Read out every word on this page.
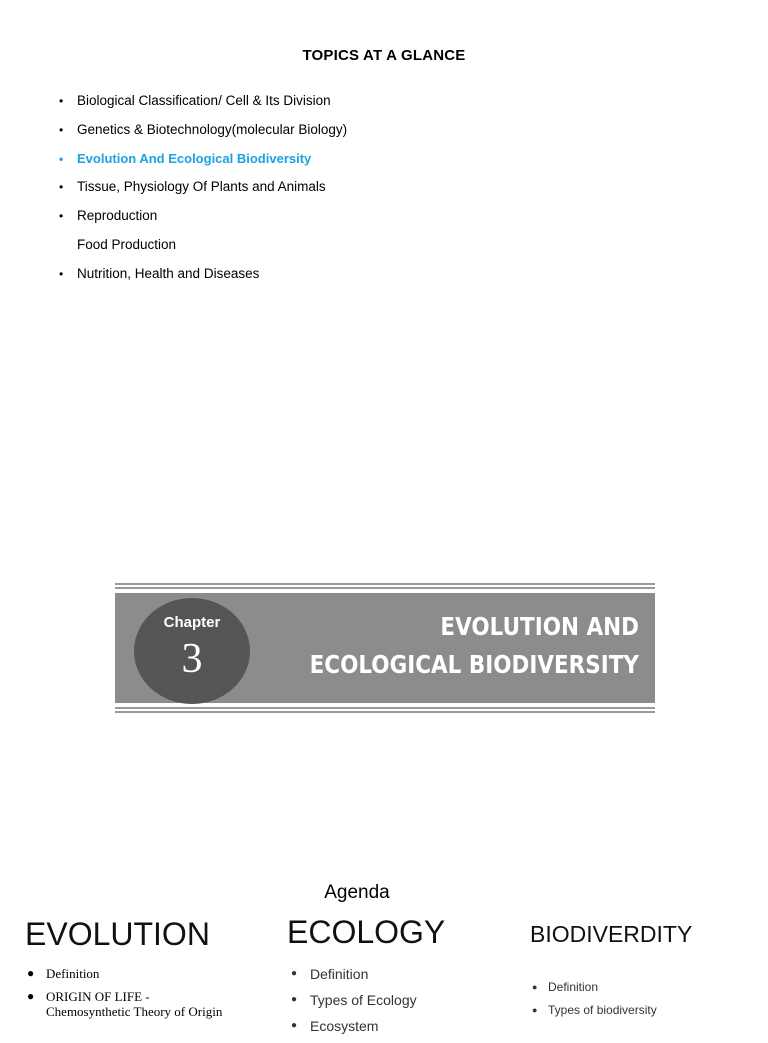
TOPICS AT A GLANCE
• Biological Classification/ Cell & Its Division
• Genetics & Biotechnology(molecular Biology)
• Evolution And Ecological Biodiversity
• Tissue, Physiology Of Plants and Animals
• Reproduction
Food Production
• Nutrition, Health and Diseases
Chapter
3
EVOLUTION AND
ECOLOGICAL BIODIVERSITY
Agenda
EVOLUTION ECOLOGY	BIODIVERDITY
● Definition
● ORIGIN OF LIFE -
Chemosynthetic Theory of Origin
● Definition
● Types of Ecology
● Ecosystem
● Definition
● Types of biodiversity
